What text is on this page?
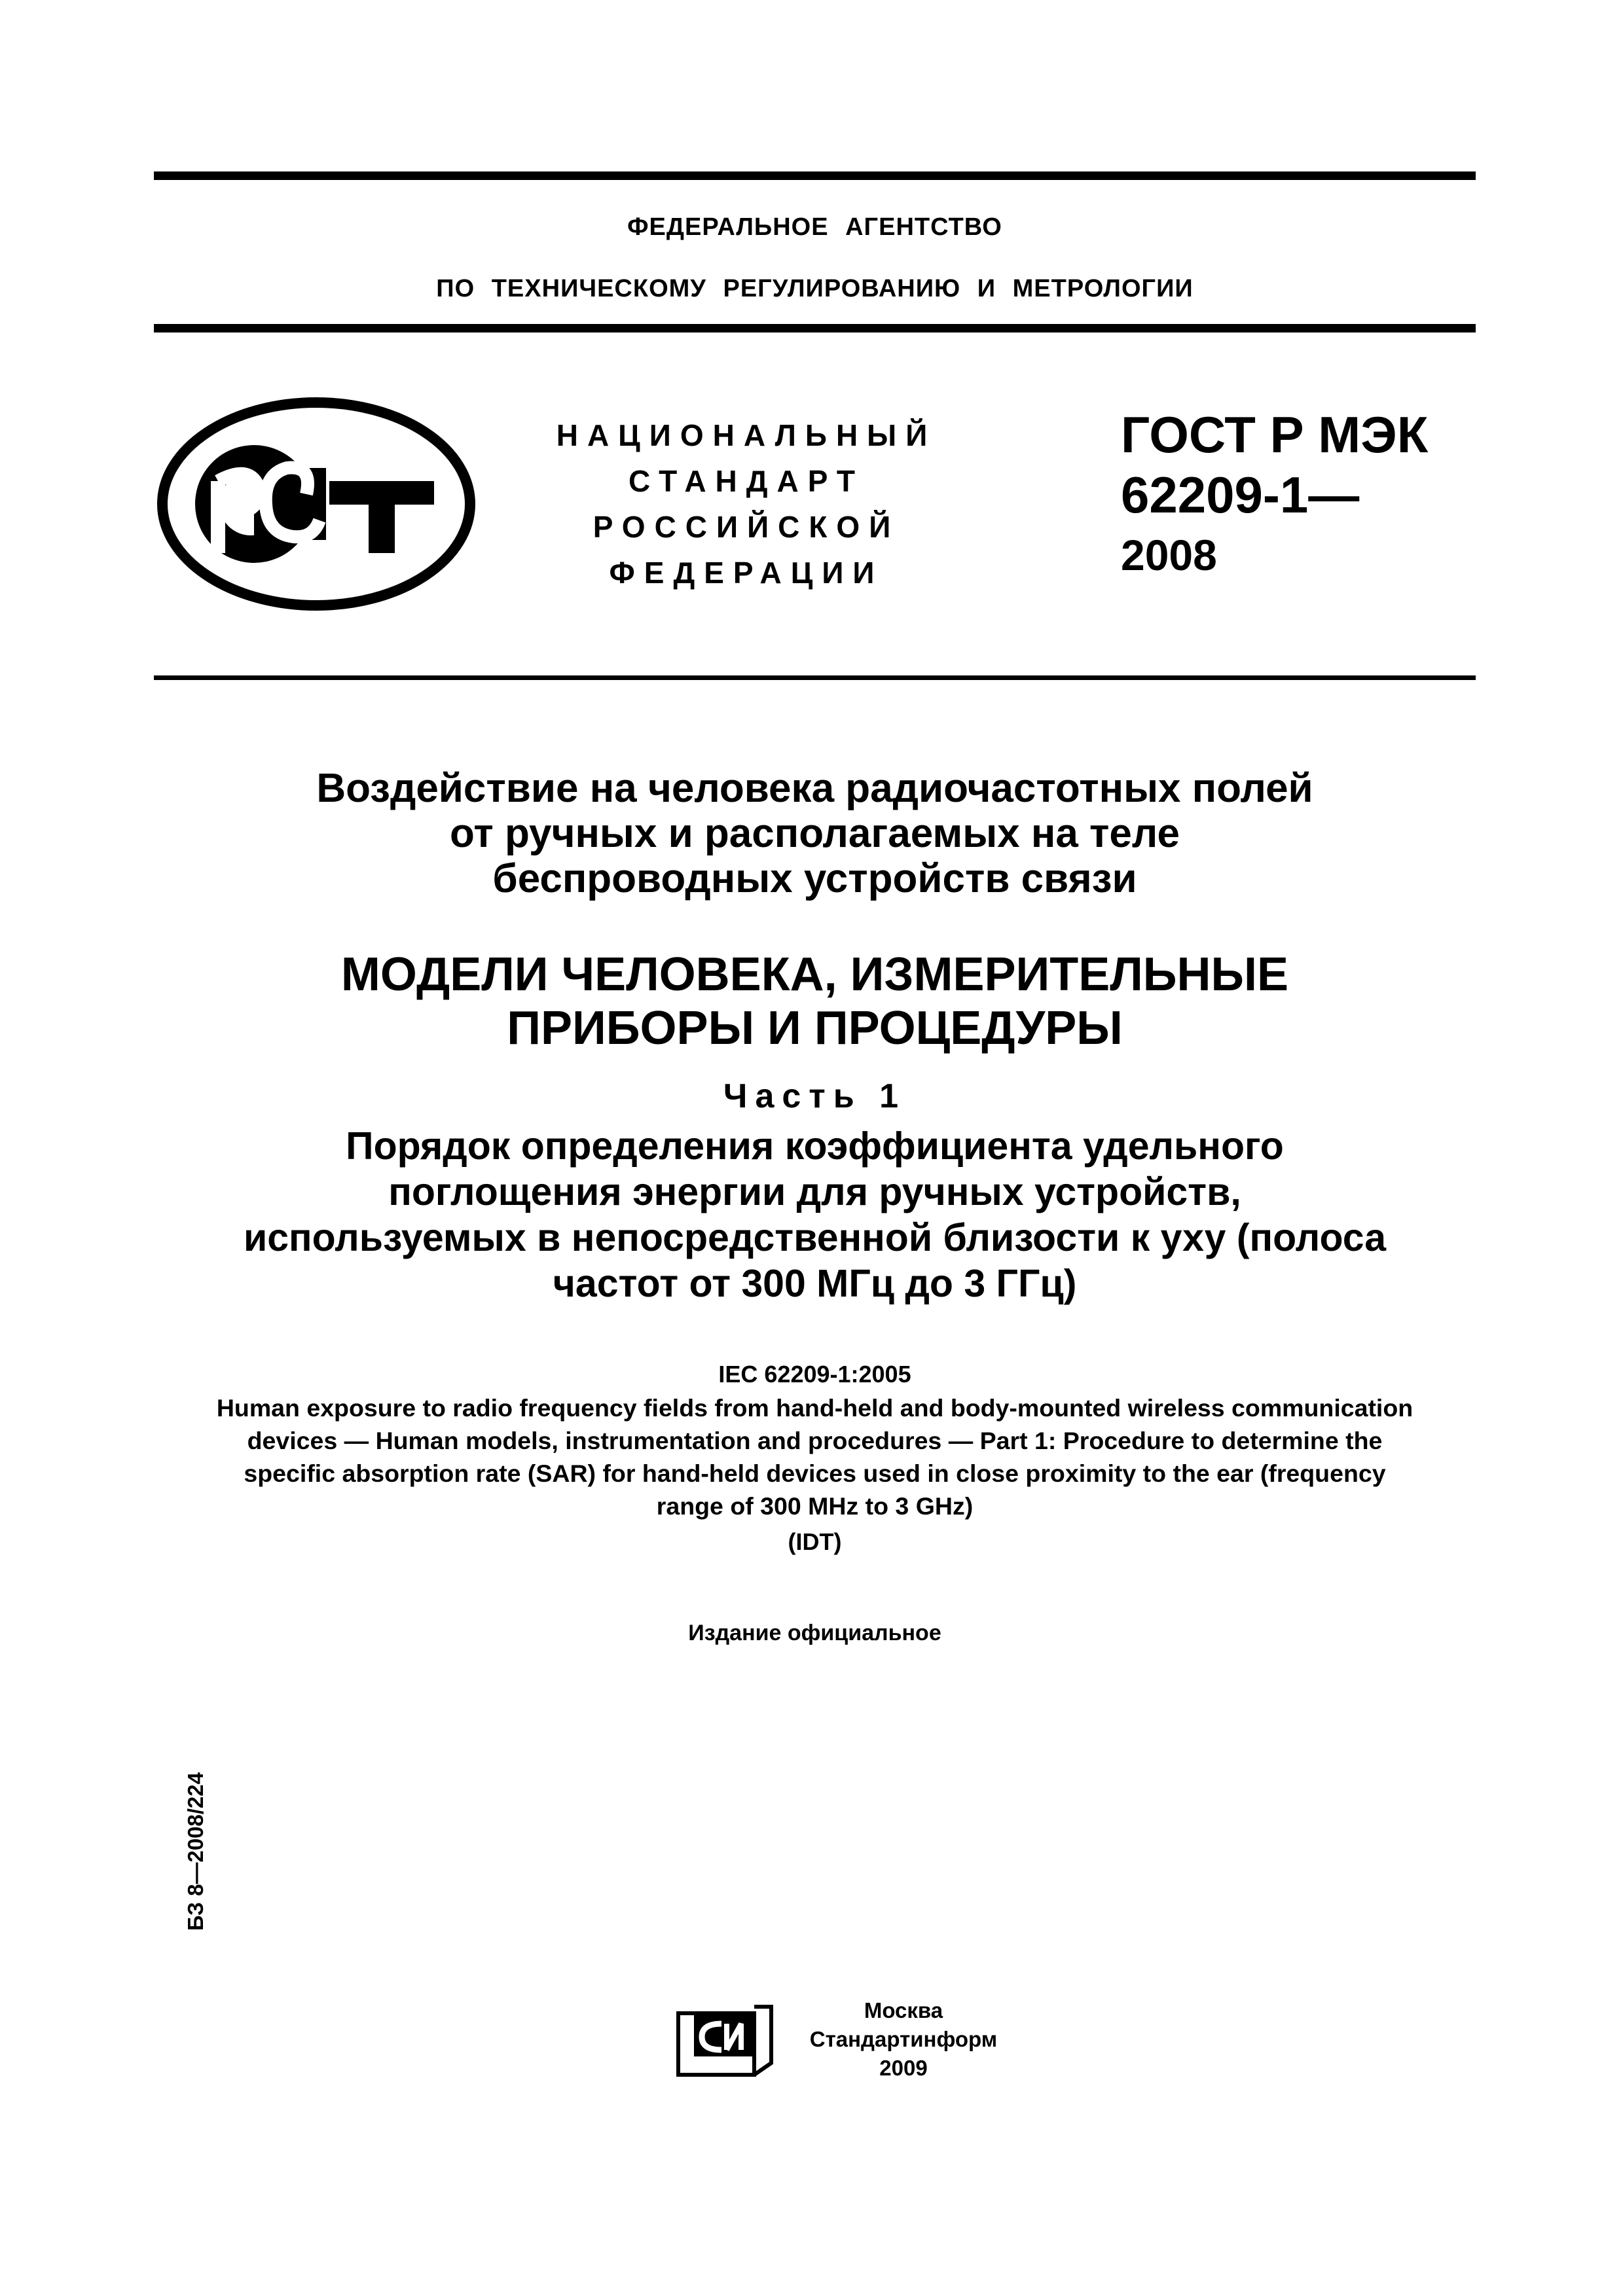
ФЕДЕРАЛЬНОЕ АГЕНТСТВО
ПО ТЕХНИЧЕСКОМУ РЕГУЛИРОВАНИЮ И МЕТРОЛОГИИ
НАЦИОНАЛЬНЫЙ
СТАНДАРТ
РОССИЙСКОЙ
ФЕДЕРАЦИИ
ГОСТ Р МЭК
62209-1—
2008
Воздействие на человека радиочастотных полей
от ручных и располагаемых на теле
беспроводных устройств связи
МОДЕЛИ ЧЕЛОВЕКА, ИЗМЕРИТЕЛЬНЫЕ
ПРИБОРЫ И ПРОЦЕДУРЫ
Часть 1
Порядок определения коэффициента удельного
поглощения энергии для ручных устройств,
используемых в непосредственной близости к уху (полоса
частот от 300 МГц до 3 ГГц)
IEC 62209-1:2005
Human exposure to radio frequency fields from hand-held and body-mounted wireless communication
devices — Human models, instrumentation and procedures — Part 1: Procedure to determine the
specific absorption rate (SAR) for hand-held devices used in close proximity to the ear (frequency
range of 300 MHz to 3 GHz)
(IDT)
Издание официальное
БЗ 8—2008/224
Москва
Стандартинформ
2009
